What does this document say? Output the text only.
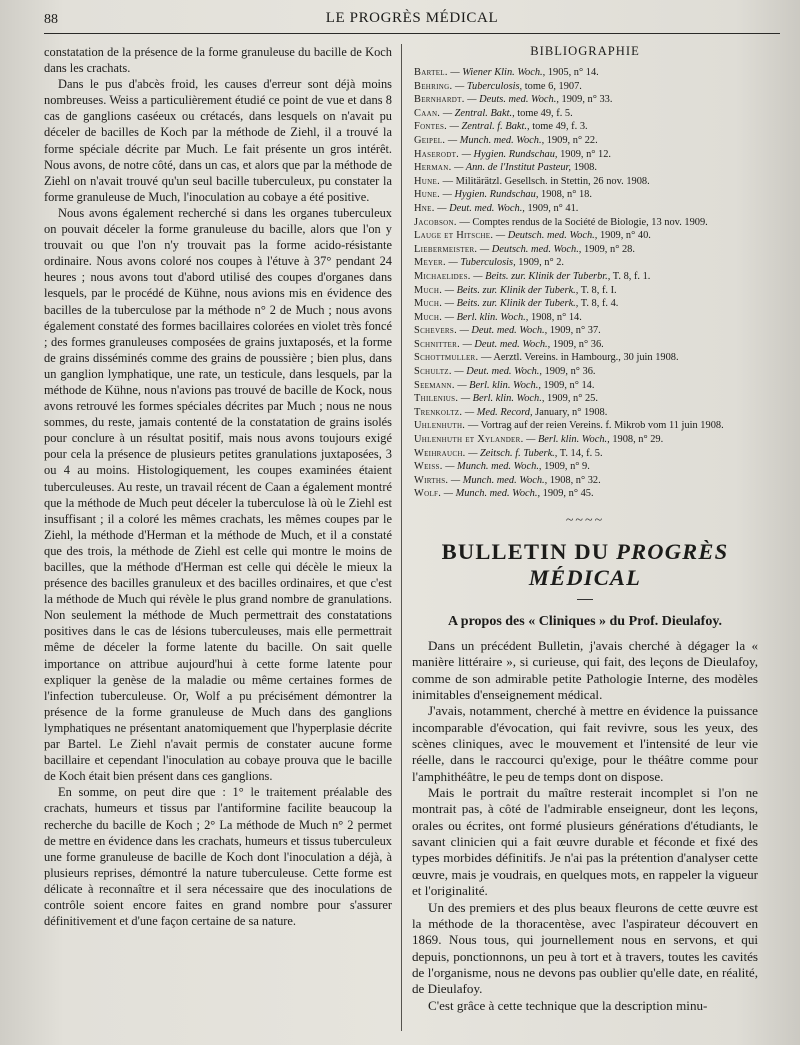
88	LE PROGRÈS MÉDICAL

constatation de la présence de la forme granuleuse du bacille de Koch dans les crachats.

Dans le pus d'abcès froid, les causes d'erreur sont déjà moins nombreuses. Weiss a particulièrement étudié ce point de vue et dans 8 cas de ganglions caséeux ou crétacés, dans lesquels on n'avait pu déceler de bacilles de Koch par la méthode de Ziehl, il a trouvé la forme spéciale décrite par Much. Le fait présente un gros intérêt. Nous avons, de notre côté, dans un cas, et alors que par la méthode de Ziehl on n'avait trouvé qu'un seul bacille tuberculeux, pu constater la forme granuleuse de Much, l'inoculation au cobaye a été positive.

Nous avons également recherché si dans les organes tuberculeux on pouvait déceler la forme granuleuse du bacille, alors que l'on y trouvait ou que l'on n'y trouvait pas la forme acido-résistante ordinaire. Nous avons coloré nos coupes à l'étuve à 37° pendant 24 heures ; nous avons tout d'abord utilisé des coupes d'organes dans lesquels, par le procédé de Kühne, nous avions mis en évidence des bacilles de la tuberculose par la méthode n° 2 de Much ; nous avons également constaté des formes bacillaires colorées en violet très foncé ; des formes granuleuses composées de grains juxtaposés, et la forme de grains disséminés comme des grains de poussière ; bien plus, dans un ganglion lymphatique, une rate, un testicule, dans lesquels, par la méthode de Kühne, nous n'avions pas trouvé de bacille de Kock, nous avons retrouvé les formes spéciales décrites par Much ; nous ne nous sommes, du reste, jamais contenté de la constatation de grains isolés pour conclure à un résultat positif, mais nous avons toujours exigé pour cela la présence de plusieurs petites granulations juxtaposées, 3 ou 4 au moins. Histologiquement, les coupes examinées étaient tuberculeuses. Au reste, un travail récent de Caan a également montré que la méthode de Much peut déceler la tuberculose là où le Ziehl est insuffisant ; il a coloré les mêmes crachats, les mêmes coupes par le Ziehl, la méthode d'Herman et la méthode de Much, et il a constaté que des trois, la méthode de Ziehl est celle qui montre le moins de bacilles, que la méthode d'Herman est celle qui décèle le mieux la présence des bacilles granuleux et des bacilles ordinaires, et que c'est la méthode de Much qui révèle le plus grand nombre de granulations. Non seulement la méthode de Much permettrait des constatations positives dans le cas de lésions tuberculeuses, mais elle permettrait même de déceler la forme latente du bacille. On sait quelle importance on attribue aujourd'hui à cette forme latente pour expliquer la genèse de la maladie ou même certaines formes de l'infection tuberculeuse. Or, Wolf a pu précisément démontrer la présence de la forme granuleuse de Much dans des ganglions lymphatiques ne présentant anatomiquement que l'hyperplasie décrite par Bartel. Le Ziehl n'avait permis de constater aucune forme bacillaire et cependant l'inoculation au cobaye prouva que le bacille de Koch était bien présent dans ces ganglions.

En somme, on peut dire que : 1° le traitement préalable des crachats, humeurs et tissus par l'antiformine facilite beaucoup la recherche du bacille de Koch ; 2° La méthode de Much n° 2 permet de mettre en évidence dans les crachats, humeurs et tissus tuberculeux une forme granuleuse de bacille de Koch dont l'inoculation a déjà, à plusieurs reprises, démontré la nature tuberculeuse. Cette forme est délicate à reconnaître et il sera nécessaire que des inoculations de contrôle soient encore faites en grand nombre pour s'assurer définitivement et d'une façon certaine de sa nature.

BIBLIOGRAPHIE
Bartel. — Wiener Klin. Woch., 1905, n° 14.
Behring. — Tuberculosis, tome 6, 1907.
Bernhardt. — Deuts. med. Woch., 1909, n° 33.
Caan. — Zentral. Bakt., tome 49, f. 5.
Fontes. — Zentral. f. Bakt., tome 49, f. 3.
Geipel. — Munch. med. Woch., 1909, n° 22.
Haserodt. — Hygien. Rundschau, 1909, n° 12.
Herman. — Ann. de l'Institut Pasteur, 1908.
Hune. — Militärätzl. Gesellsch. in Stettin, 26 nov. 1908.
Hune. — Hygien. Rundschau, 1908, n° 18.
Hne. — Deut. med. Woch., 1909, n° 41.
Jacobson. — Comptes rendus de la Société de Biologie, 13 nov. 1909.
Lauge et Hitsche. — Deutsch. med. Woch., 1909, n° 40.
Liebermeister. — Deutsch. med. Woch., 1909, n° 28.
Meyer. — Tuberculosis, 1909, n° 2.
Michaelides. — Beits. zur. Klinik der Tuberbr., T. 8, f. 1.
Much. — Beits. zur. Klinik der Tuberk., T. 8, f. I.
Much. — Beits. zur. Klinik der Tuberk., T. 8, f. 4.
Much. — Berl. klin. Woch., 1908, n° 14.
Schevers. — Deut. med. Woch., 1909, n° 37.
Schnitter. — Deut. med. Woch., 1909, n° 36.
Schottmuller. — Aerztl. Vereins. in Hambourg., 30 juin 1908.
Schultz. — Deut. med. Woch., 1909, n° 36.
Seemann. — Berl. klin. Woch., 1909, n° 14.
Thilenius. — Berl. klin. Woch., 1909, n° 25.
Trenkoltz. — Med. Record, January, n° 1908.
Uhlenhuth. — Vortrag auf der reien Vereins. f. Mikrob vom 11 juin 1908.
Uhlenhuth et Xylander. — Berl. klin. Woch., 1908, n° 29.
Weihrauch. — Zeitsch. f. Tuberk., T. 14, f. 5.
Weiss. — Munch. med. Woch., 1909, n° 9.
Wirths. — Munch. med. Woch., 1908, n° 32.
Wolf. — Munch. med. Woch., 1909, n° 45.
~~~~
BULLETIN DU PROGRÈS MÉDICAL
A propos des « Cliniques » du Prof. Dieulafoy.

Dans un précédent Bulletin, j'avais cherché à dégager la « manière littéraire », si curieuse, qui fait, des leçons de Dieulafoy, comme de son admirable petite Pathologie Interne, des modèles inimitables d'enseignement médical.

J'avais, notamment, cherché à mettre en évidence la puissance incomparable d'évocation, qui fait revivre, sous les yeux, des scènes cliniques, avec le mouvement et l'intensité de leur vie réelle, dans le raccourci qu'exige, pour le théâtre comme pour l'amphithéâtre, le peu de temps dont on dispose.

Mais le portrait du maître resterait incomplet si l'on ne montrait pas, à côté de l'admirable enseigneur, dont les leçons, orales ou écrites, ont formé plusieurs générations d'étudiants, le savant clinicien qui a fait œuvre durable et féconde et fixé des types morbides définitifs. Je n'ai pas la prétention d'analyser cette œuvre, mais je voudrais, en quelques mots, en rappeler la vigueur et l'originalité.

Un des premiers et des plus beaux fleurons de cette œuvre est la méthode de la thoracentèse, avec l'aspirateur découvert en 1869. Nous tous, qui journellement nous en servons, et qui depuis, ponctionnons, un peu à tort et à travers, toutes les cavités de l'organisme, nous ne devons pas oublier qu'elle date, en réalité, de Dieulafoy.

C'est grâce à cette technique que la description minu-
